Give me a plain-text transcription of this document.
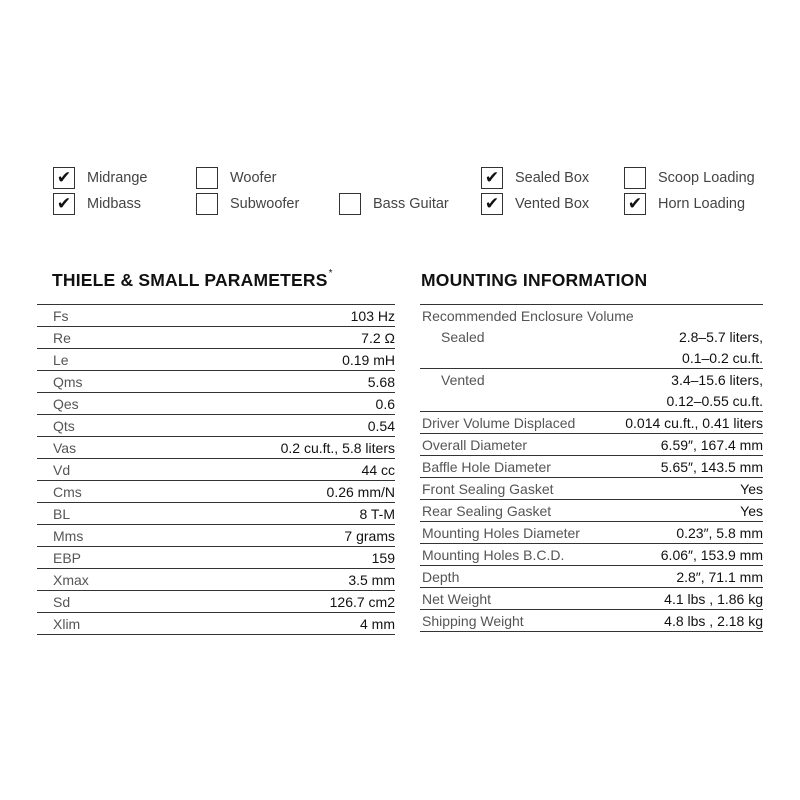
✔ Midrange
✔ Midbass
Woofer
Subwoofer	Bass Guitar
✔ Sealed Box
✔ Vented Box
Scoop Loading
✔ Horn Loading
THIELE & SMALL PARAMETERS*	MOUNTING INFORMATION
Fs	103 Hz
Re	7.2 Ω
Le	0.19 mH
Qms	5.68
Qes	0.6
Qts	0.54
Vas	0.2 cu.ft., 5.8 liters
Vd	44 cc
Cms	0.26 mm/N
BL	8 T-M
Mms	7 grams
EBP	159
Xmax	3.5 mm
Sd	126.7 cm2
Xlim	4 mm
Recommended Enclosure Volume
Sealed	2.8–5.7 liters,
0.1–0.2 cu.ft.
Vented	3.4–15.6 liters,
0.12–0.55 cu.ft.
Driver Volume Displaced	0.014 cu.ft., 0.41 liters
Overall Diameter	6.59″, 167.4 mm
Baffle Hole Diameter	5.65″, 143.5 mm
Front Sealing Gasket	Yes
Rear Sealing Gasket	Yes
Mounting Holes Diameter	0.23″, 5.8 mm
Mounting Holes B.C.D.	6.06″, 153.9 mm
Depth	2.8″, 71.1 mm
Net Weight	4.1 lbs , 1.86 kg
Shipping Weight	4.8 lbs , 2.18 kg
